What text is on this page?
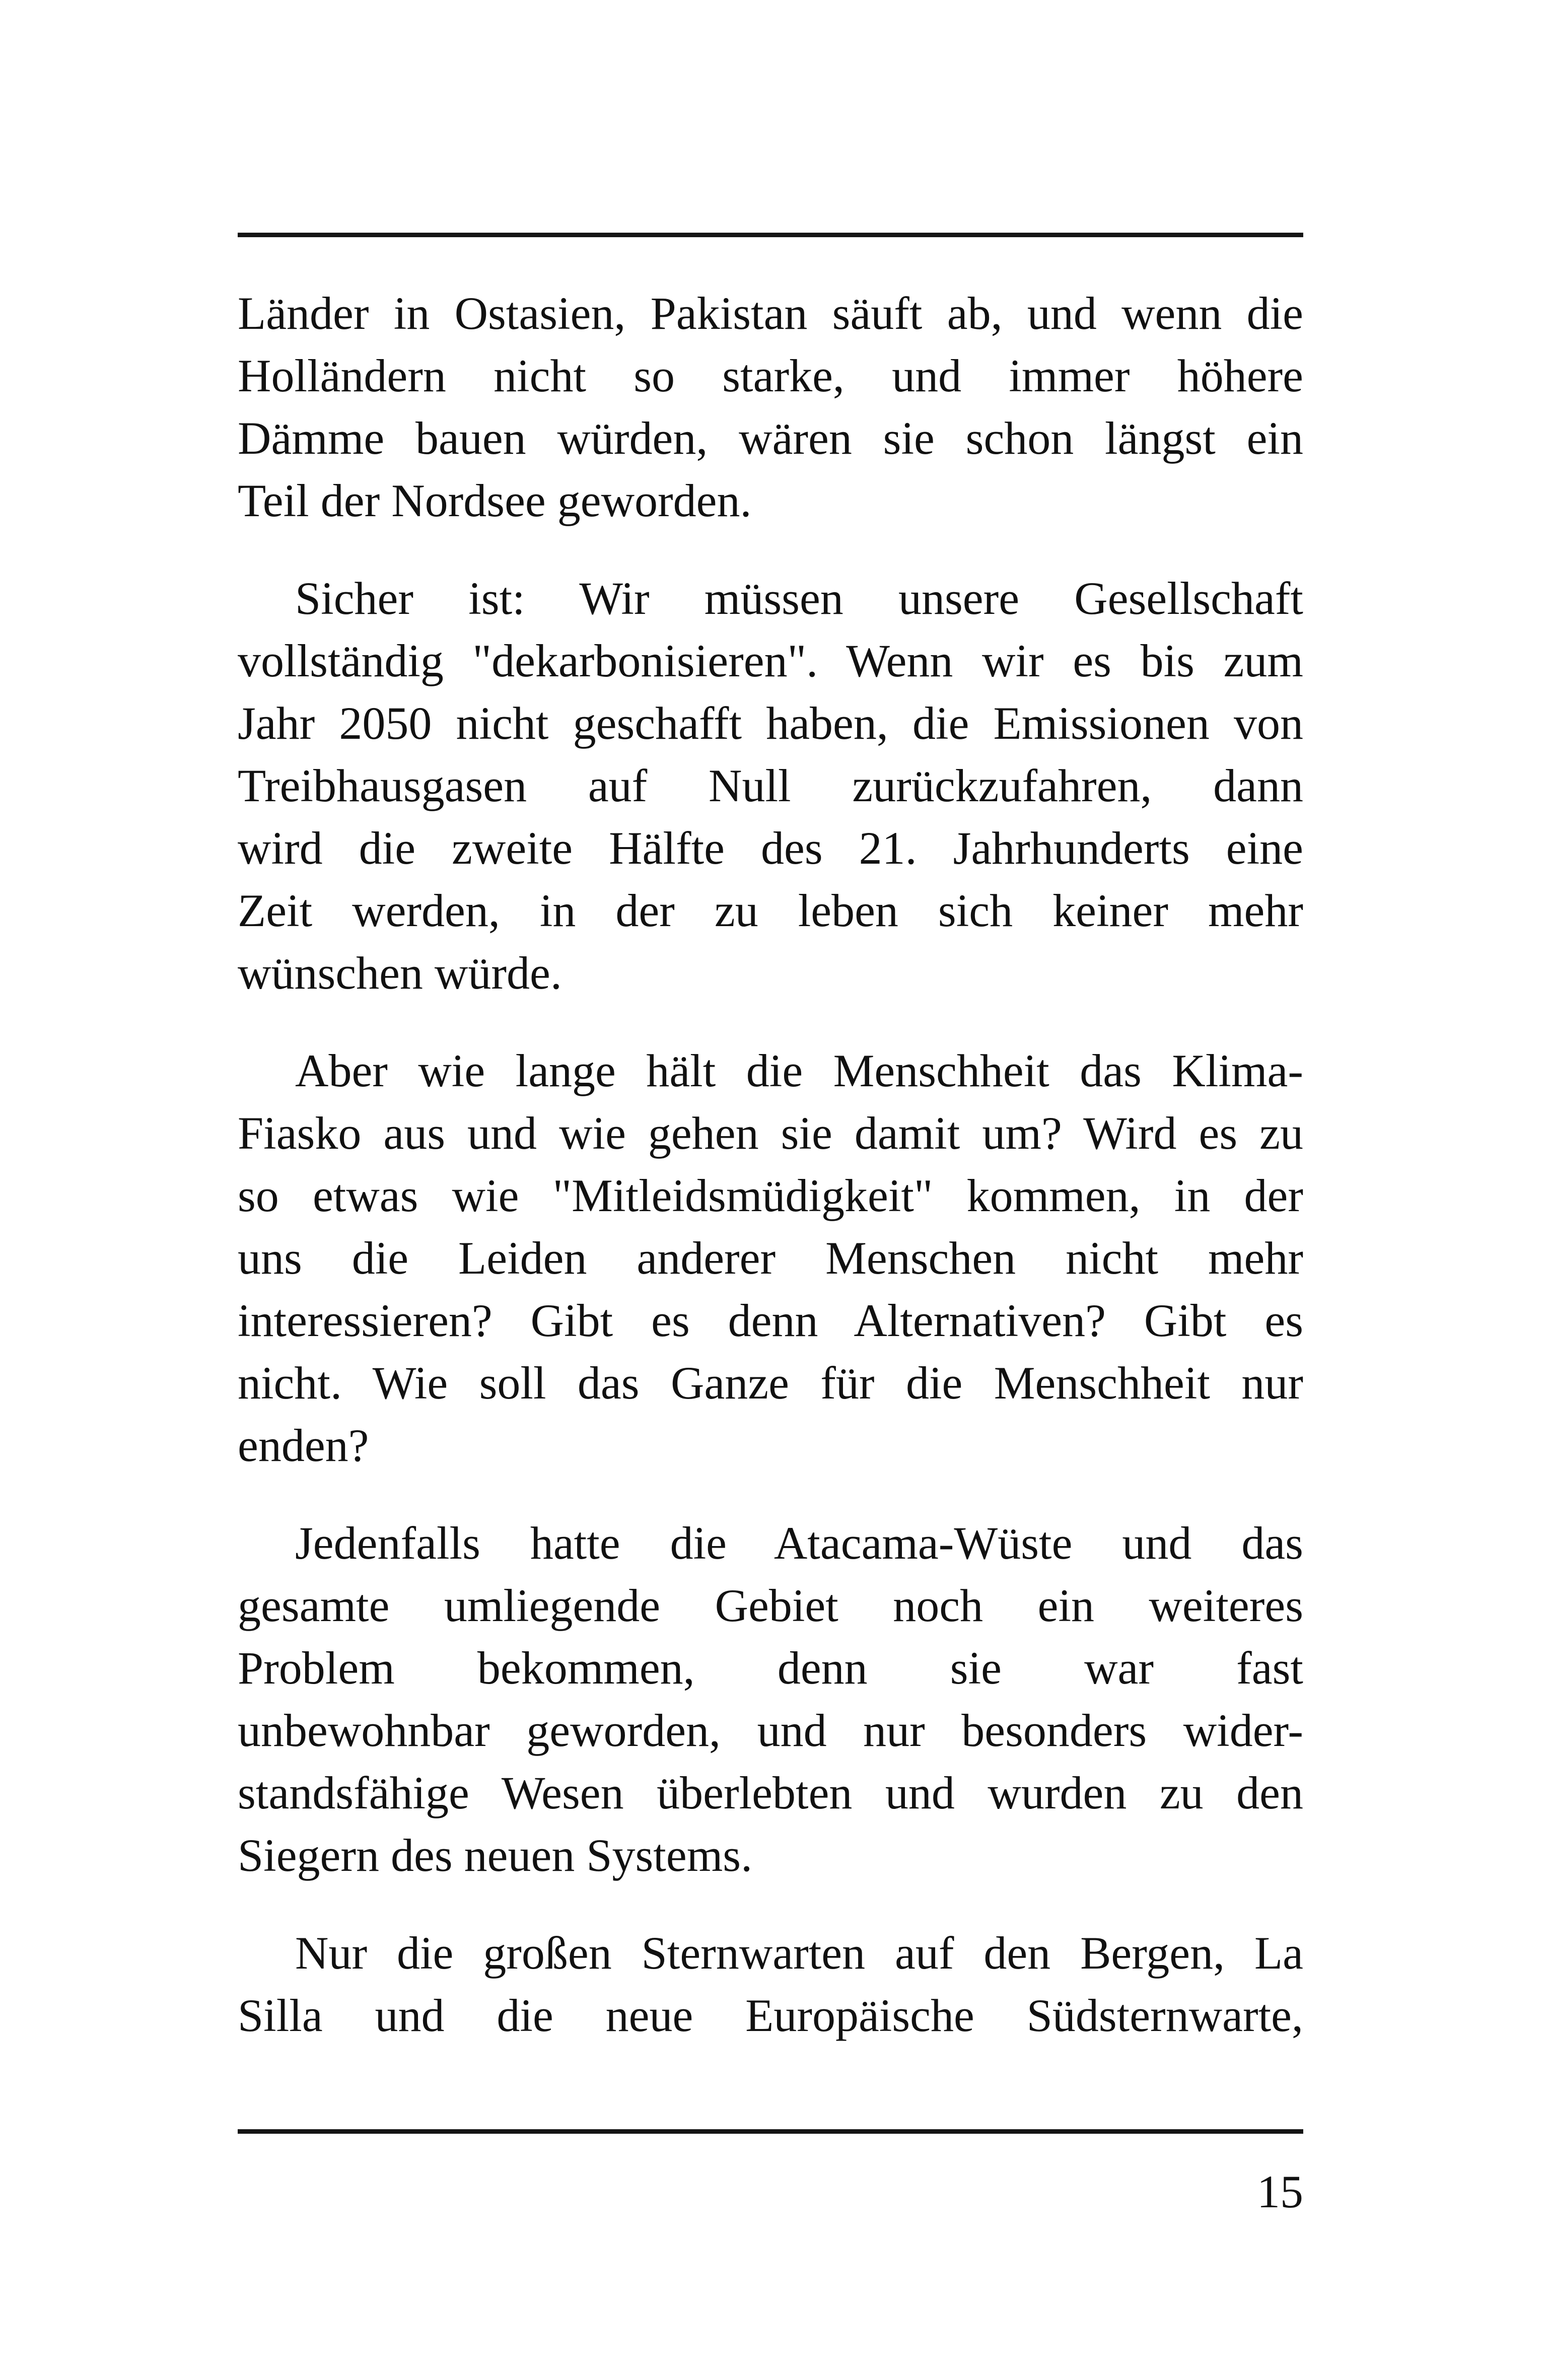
Länder in Ostasien, Pakistan säuft ab, und wenn die
Holländern nicht so starke, und immer höhere
Dämme bauen würden, wären sie schon längst ein
Teil der Nordsee geworden.
Sicher ist: Wir müssen unsere Gesellschaft
vollständig "dekarbonisieren". Wenn wir es bis zum
Jahr 2050 nicht geschafft haben, die Emissionen von
Treibhausgasen auf Null zurückzufahren, dann
wird die zweite Hälfte des 21. Jahrhunderts eine
Zeit werden, in der zu leben sich keiner mehr
wünschen würde.
Aber wie lange hält die Menschheit das Klima-
Fiasko aus und wie gehen sie damit um? Wird es zu
so etwas wie "Mitleidsmüdigkeit" kommen, in der
uns die Leiden anderer Menschen nicht mehr
interessieren? Gibt es denn Alternativen? Gibt es
nicht. Wie soll das Ganze für die Menschheit nur
enden?
Jedenfalls hatte die Atacama-Wüste und das
gesamte umliegende Gebiet noch ein weiteres
Problem bekommen, denn sie war fast
unbewohnbar geworden, und nur besonders wider-
standsfähige Wesen überlebten und wurden zu den
Siegern des neuen Systems.
Nur die großen Sternwarten auf den Bergen, La
Silla und die neue Europäische Südsternwarte,
15
